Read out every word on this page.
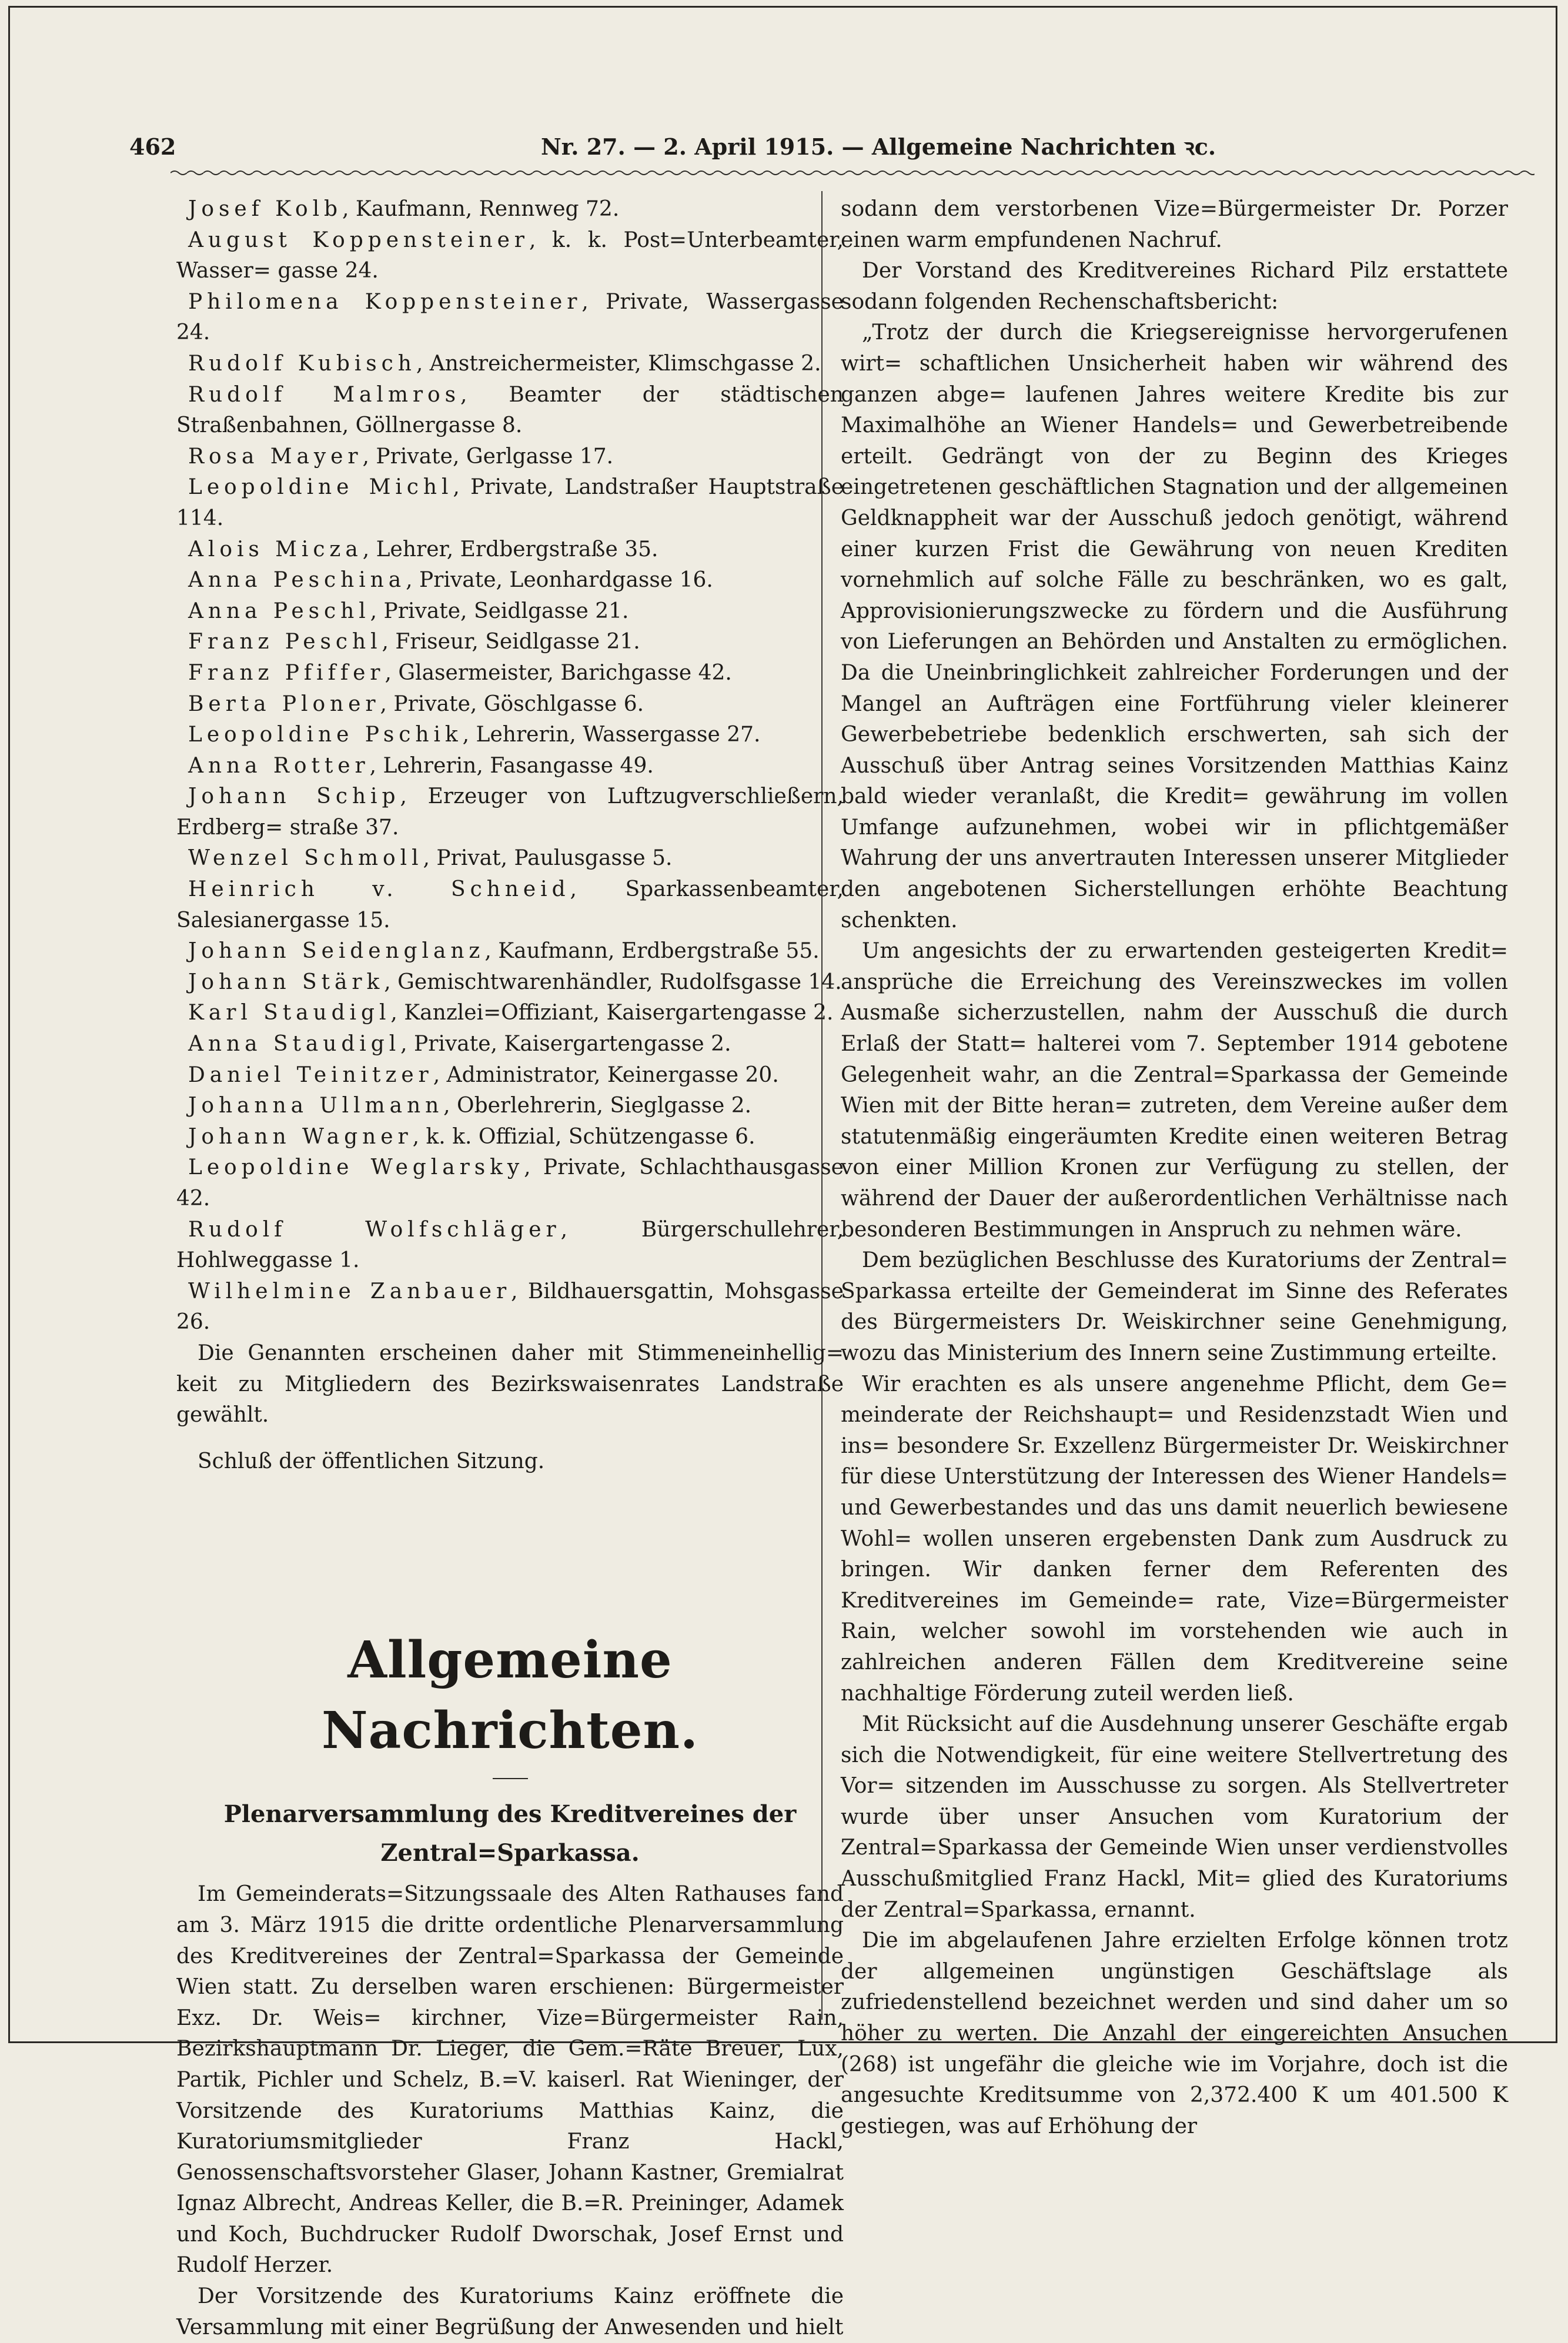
462	Nr. 27. — 2. April 1915. — Allgemeine Nachrichten ꝛc.

Josef Kolb, Kaufmann, Rennweg 72.

August Koppensteiner, k. k. Post=Unterbeamter, Wasser= gasse 24.

Philomena Koppensteiner, Private, Wassergasse 24.

Rudolf Kubisch, Anstreichermeister, Klimschgasse 2.

Rudolf Malmros, Beamter der städtischen Straßenbahnen, Göllnergasse 8.

Rosa Mayer, Private, Gerlgasse 17.

Leopoldine Michl, Private, Landstraßer Hauptstraße 114.

Alois Micza, Lehrer, Erdbergstraße 35.

Anna Peschina, Private, Leonhardgasse 16.

Anna Peschl, Private, Seidlgasse 21.

Franz Peschl, Friseur, Seidlgasse 21.

Franz Pfiffer, Glasermeister, Barichgasse 42.

Berta Ploner, Private, Göschlgasse 6.

Leopoldine Pschik, Lehrerin, Wassergasse 27.

Anna Rotter, Lehrerin, Fasangasse 49.

Johann Schip, Erzeuger von Luftzugverschließern, Erdberg= straße 37.

Wenzel Schmoll, Privat, Paulusgasse 5.

Heinrich v. Schneid, Sparkassenbeamter, Salesianergasse 15.

Johann Seidenglanz, Kaufmann, Erdbergstraße 55.

Johann Stärk, Gemischtwarenhändler, Rudolfsgasse 14.

Karl Staudigl, Kanzlei=Offiziant, Kaisergartengasse 2.

Anna Staudigl, Private, Kaisergartengasse 2.

Daniel Teinitzer, Administrator, Keinergasse 20.

Johanna Ullmann, Oberlehrerin, Sieglgasse 2.

Johann Wagner, k. k. Offizial, Schützengasse 6.

Leopoldine Weglarsky, Private, Schlachthausgasse 42.

Rudolf Wolfschläger, Bürgerschullehrer, Hohlweggasse 1.

Wilhelmine Zanbauer, Bildhauersgattin, Mohsgasse 26.

Die Genannten erscheinen daher mit Stimmeneinhellig= keit zu Mitgliedern des Bezirkswaisenrates Landstraße gewählt.

Schluß der öffentlichen Sitzung.

Allgemeine Nachrichten.
Plenarversammlung des Kreditvereines der
Zentral=Sparkassa.

Im Gemeinderats=Sitzungssaale des Alten Rathauses fand am 3. März 1915 die dritte ordentliche Plenarversammlung des Kreditvereines der Zentral=Sparkassa der Gemeinde Wien statt. Zu derselben waren erschienen: Bürgermeister Exz. Dr. Weis= kirchner, Vize=Bürgermeister Rain, Bezirkshauptmann Dr. Lieger, die Gem.=Räte Breuer, Lux, Partik, Pichler und Schelz, B.=V. kaiserl. Rat Wieninger, der Vorsitzende des Kuratoriums Matthias Kainz, die Kuratoriumsmitglieder Franz Hackl, Genossenschaftsvorsteher Glaser, Johann Kastner, Gremialrat Ignaz Albrecht, Andreas Keller, die B.=R. Preininger, Adamek und Koch, Buchdrucker Rudolf Dworschak, Josef Ernst und Rudolf Herzer.

Der Vorsitzende des Kuratoriums Kainz eröffnete die Versammlung mit einer Begrüßung der Anwesenden und hielt

sodann dem verstorbenen Vize=Bürgermeister Dr. Porzer einen warm empfundenen Nachruf.

Der Vorstand des Kreditvereines Richard Pilz erstattete sodann folgenden Rechenschaftsbericht:

„Trotz der durch die Kriegsereignisse hervorgerufenen wirt= schaftlichen Unsicherheit haben wir während des ganzen abge= laufenen Jahres weitere Kredite bis zur Maximalhöhe an Wiener Handels= und Gewerbetreibende erteilt. Gedrängt von der zu Beginn des Krieges eingetretenen geschäftlichen Stagnation und der allgemeinen Geldknappheit war der Ausschuß jedoch genötigt, während einer kurzen Frist die Gewährung von neuen Krediten vornehmlich auf solche Fälle zu beschränken, wo es galt, Approvisionierungszwecke zu fördern und die Ausführung von Lieferungen an Behörden und Anstalten zu ermöglichen. Da die Uneinbringlichkeit zahlreicher Forderungen und der Mangel an Aufträgen eine Fortführung vieler kleinerer Gewerbebetriebe bedenklich erschwerten, sah sich der Ausschuß über Antrag seines Vorsitzenden Matthias Kainz bald wieder veranlaßt, die Kredit= gewährung im vollen Umfange aufzunehmen, wobei wir in pflichtgemäßer Wahrung der uns anvertrauten Interessen unserer Mitglieder den angebotenen Sicherstellungen erhöhte Beachtung schenkten.

Um angesichts der zu erwartenden gesteigerten Kredit= ansprüche die Erreichung des Vereinszweckes im vollen Ausmaße sicherzustellen, nahm der Ausschuß die durch Erlaß der Statt= halterei vom 7. September 1914 gebotene Gelegenheit wahr, an die Zentral=Sparkassa der Gemeinde Wien mit der Bitte heran= zutreten, dem Vereine außer dem statutenmäßig eingeräumten Kredite einen weiteren Betrag von einer Million Kronen zur Verfügung zu stellen, der während der Dauer der außerordentlichen Verhältnisse nach besonderen Bestimmungen in Anspruch zu nehmen wäre.

Dem bezüglichen Beschlusse des Kuratoriums der Zentral= Sparkassa erteilte der Gemeinderat im Sinne des Referates des Bürgermeisters Dr. Weiskirchner seine Genehmigung, wozu das Ministerium des Innern seine Zustimmung erteilte.

Wir erachten es als unsere angenehme Pflicht, dem Ge= meinderate der Reichshaupt= und Residenzstadt Wien und ins= besondere Sr. Exzellenz Bürgermeister Dr. Weiskirchner für diese Unterstützung der Interessen des Wiener Handels= und Gewerbestandes und das uns damit neuerlich bewiesene Wohl= wollen unseren ergebensten Dank zum Ausdruck zu bringen. Wir danken ferner dem Referenten des Kreditvereines im Gemeinde= rate, Vize=Bürgermeister Rain, welcher sowohl im vorstehenden wie auch in zahlreichen anderen Fällen dem Kreditvereine seine nachhaltige Förderung zuteil werden ließ.

Mit Rücksicht auf die Ausdehnung unserer Geschäfte ergab sich die Notwendigkeit, für eine weitere Stellvertretung des Vor= sitzenden im Ausschusse zu sorgen. Als Stellvertreter wurde über unser Ansuchen vom Kuratorium der Zentral=Sparkassa der Gemeinde Wien unser verdienstvolles Ausschußmitglied Franz Hackl, Mit= glied des Kuratoriums der Zentral=Sparkassa, ernannt.

Die im abgelaufenen Jahre erzielten Erfolge können trotz der allgemeinen ungünstigen Geschäftslage als zufriedenstellend bezeichnet werden und sind daher um so höher zu werten. Die Anzahl der eingereichten Ansuchen (268) ist ungefähr die gleiche wie im Vorjahre, doch ist die angesuchte Kreditsumme von 2,372.400 K um 401.500 K gestiegen, was auf Erhöhung der
